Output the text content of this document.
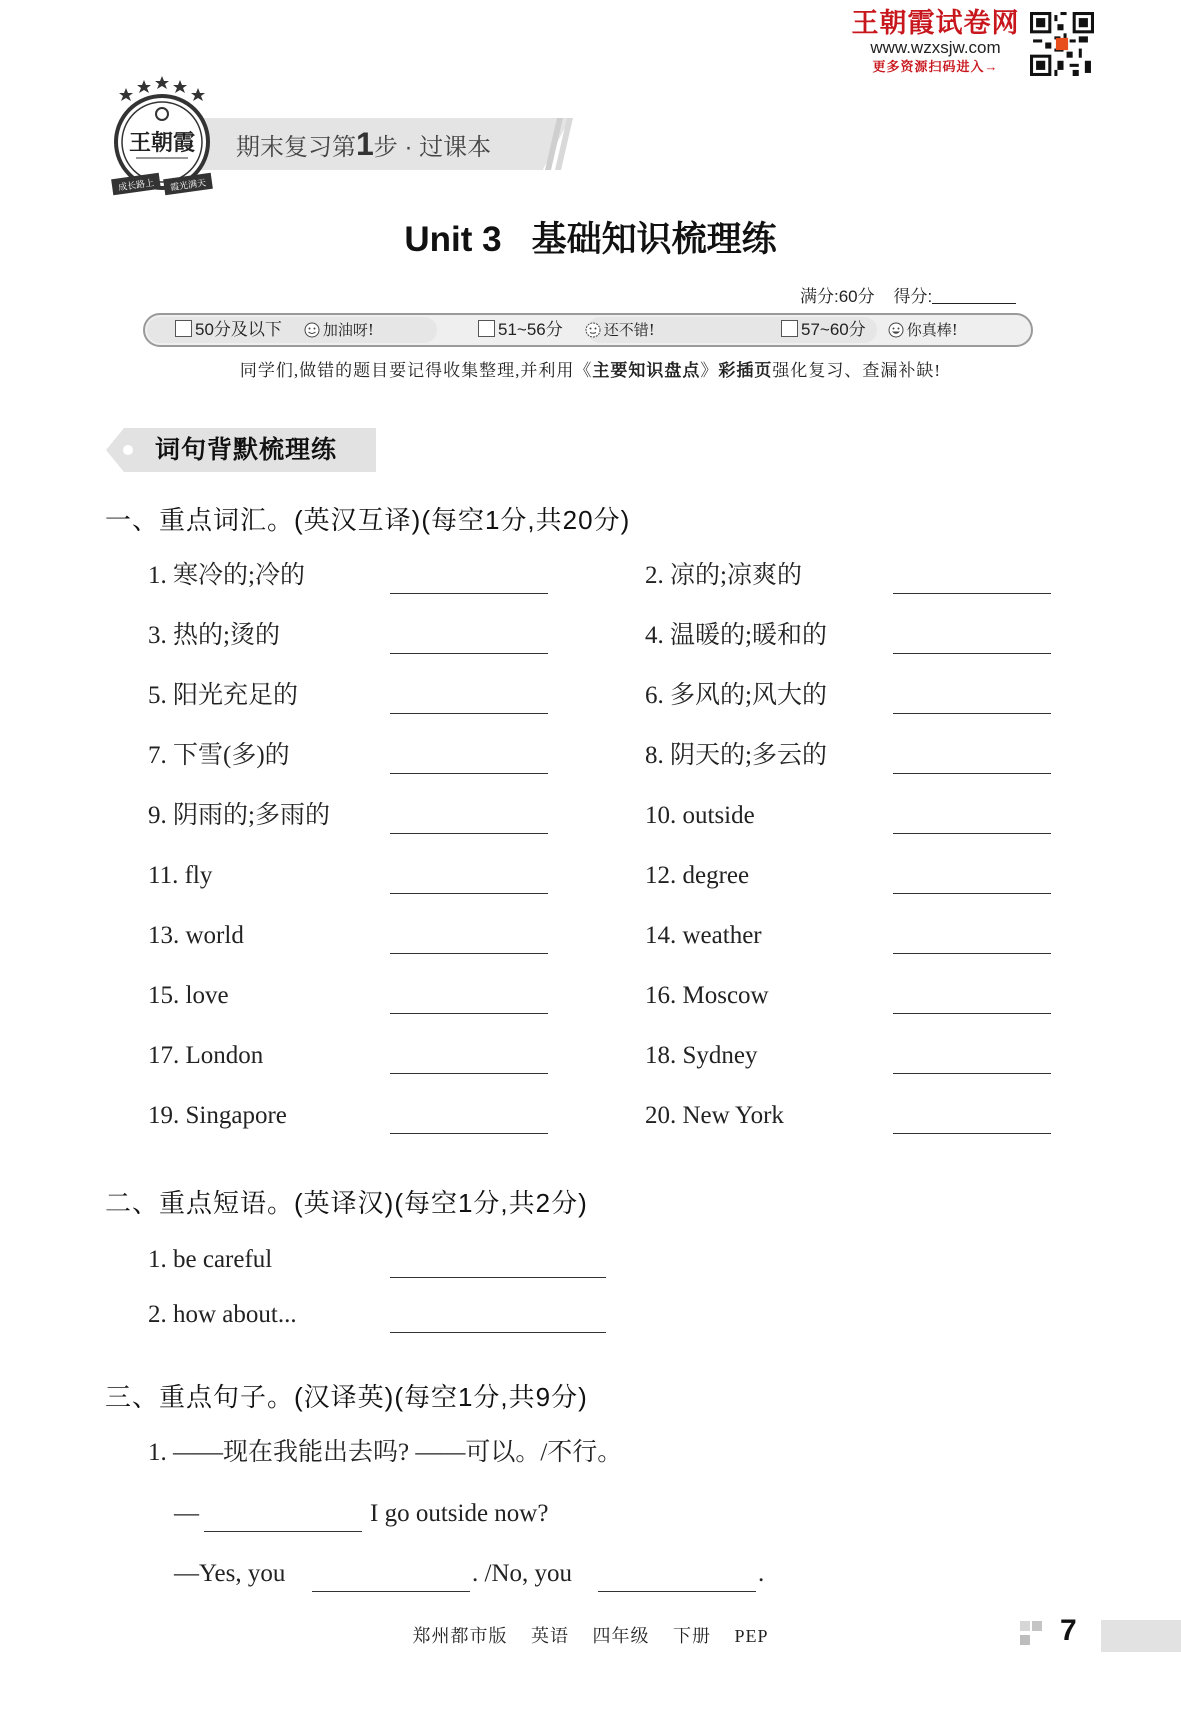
王朝霞试卷网
www.wzxsjw.com
更多资源扫码进入→
期末复习第1步 · 过课本
王朝霞
成长路上 霞光满天
Unit 3 基础知识梳理练
满分:60分 得分:
50分及以下	加油呀!	51~56分	还不错!	57~60分	你真棒!
同学们,做错的题目要记得收集整理,并利用《主要知识盘点》彩插页强化复习、查漏补缺!
词句背默梳理练
一、重点词汇。(英汉互译)(每空1分,共20分)
1. 寒冷的;冷的	2. 凉的;凉爽的
3. 热的;烫的	4. 温暖的;暖和的
5. 阳光充足的	6. 多风的;风大的
7. 下雪(多)的	8. 阴天的;多云的
9. 阴雨的;多雨的	10. outside
11. fly	12. degree
13. world	14. weather
15. love	16. Moscow
17. London	18. Sydney
19. Singapore	20. New York
二、重点短语。(英译汉)(每空1分,共2分)
1. be careful
2. how about...
三、重点句子。(汉译英)(每空1分,共9分)
1. ——现在我能出去吗? ——可以。/不行。
—	I go outside now?
—Yes, you	. /No, you	.
郑州都市版 英语 四年级 下册 PEP	7
